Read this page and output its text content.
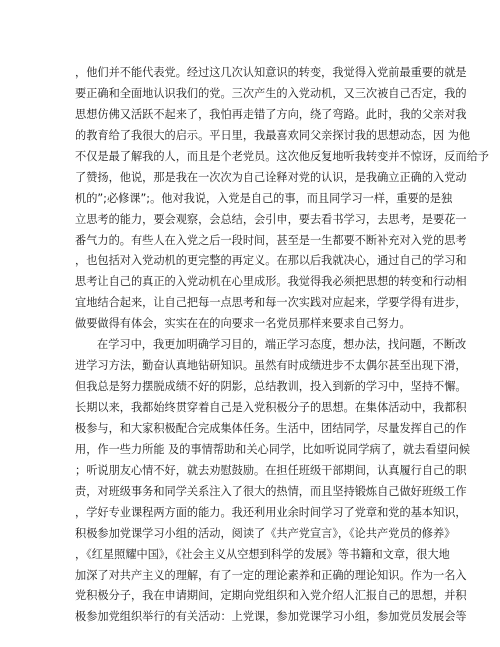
，他们并不能代表党。经过这几次认知意识的转变，我觉得入党前最重要的就是
要正确和全面地认识我们的党。三次产生的入党动机，又三次被自己否定，我的
思想仿佛又活跃不起来了，我怕再走错了方向，绕了弯路。此时，我的父亲对我
的教育给了我很大的启示。平日里，我最喜欢同父亲探讨我的思想动态，因 为他
不仅是最了解我的人，而且是个老党员。这次他反复地听我转变并不惊讶，反而给予
了赞扬，他说，那是我在一次次为自己诠释对党的认识，是我确立正确的入党动
机的”;必修课”;。他对我说，入党是自己的事，而且同学习一样，重要的是独
立思考的能力，要会观察，会总结，会引申，要去看书学习，去思考，是要花一
番气力的。有些人在入党之后一段时间，甚至是一生都要不断补充对入党的思考
，也包括对入党动机的更完整的再定义。在那以后我就决心，通过自己的学习和
思考让自己的真正的入党动机在心里成形。我觉得我必须把思想的转变和行动相
宜地结合起来，让自己把每一点思考和每一次实践对应起来，学要学得有进步，
做要做得有体会，实实在在的向要求一名党员那样来要求自己努力。
在学习中，我更加明确学习目的，端正学习态度，想办法，找问题，不断改
进学习方法，勤奋认真地钻研知识。虽然有时成绩进步不太偶尔甚至出现下滑，
但我总是努力摆脱成绩不好的阴影，总结教训，投入到新的学习中，坚持不懈。
长期以来，我都始终贯穿着自己是入党积极分子的思想。在集体活动中，我都积
极参与，和大家积极配合完成集体任务。生活中，团结同学，尽量发挥自己的作
用，作一些力所能 及的事情帮助和关心同学，比如听说同学病了，就去看望问候
；听说朋友心情不好，就去劝慰鼓励。在担任班级干部期间，认真履行自己的职
责，对班级事务和同学关系注入了很大的热情，而且坚持锻炼自己做好班级工作
，学好专业课程两方面的能力。我还利用业余时间学习了党章和党的基本知识，
积极参加党课学习小组的活动，阅读了《共产党宣言》，《论共产党员的修养》
，《红星照耀中国》，《社会主义从空想到科学的发展》等书籍和文章，很大地
加深了对共产主义的理解，有了一定的理论素养和正确的理论知识。作为一名入
党积极分子，我在申请期间，定期向党组织和入党介绍人汇报自己的思想，并积
极参加党组织举行的有关活动：上党课，参加党课学习小组，参加党员发展会等
